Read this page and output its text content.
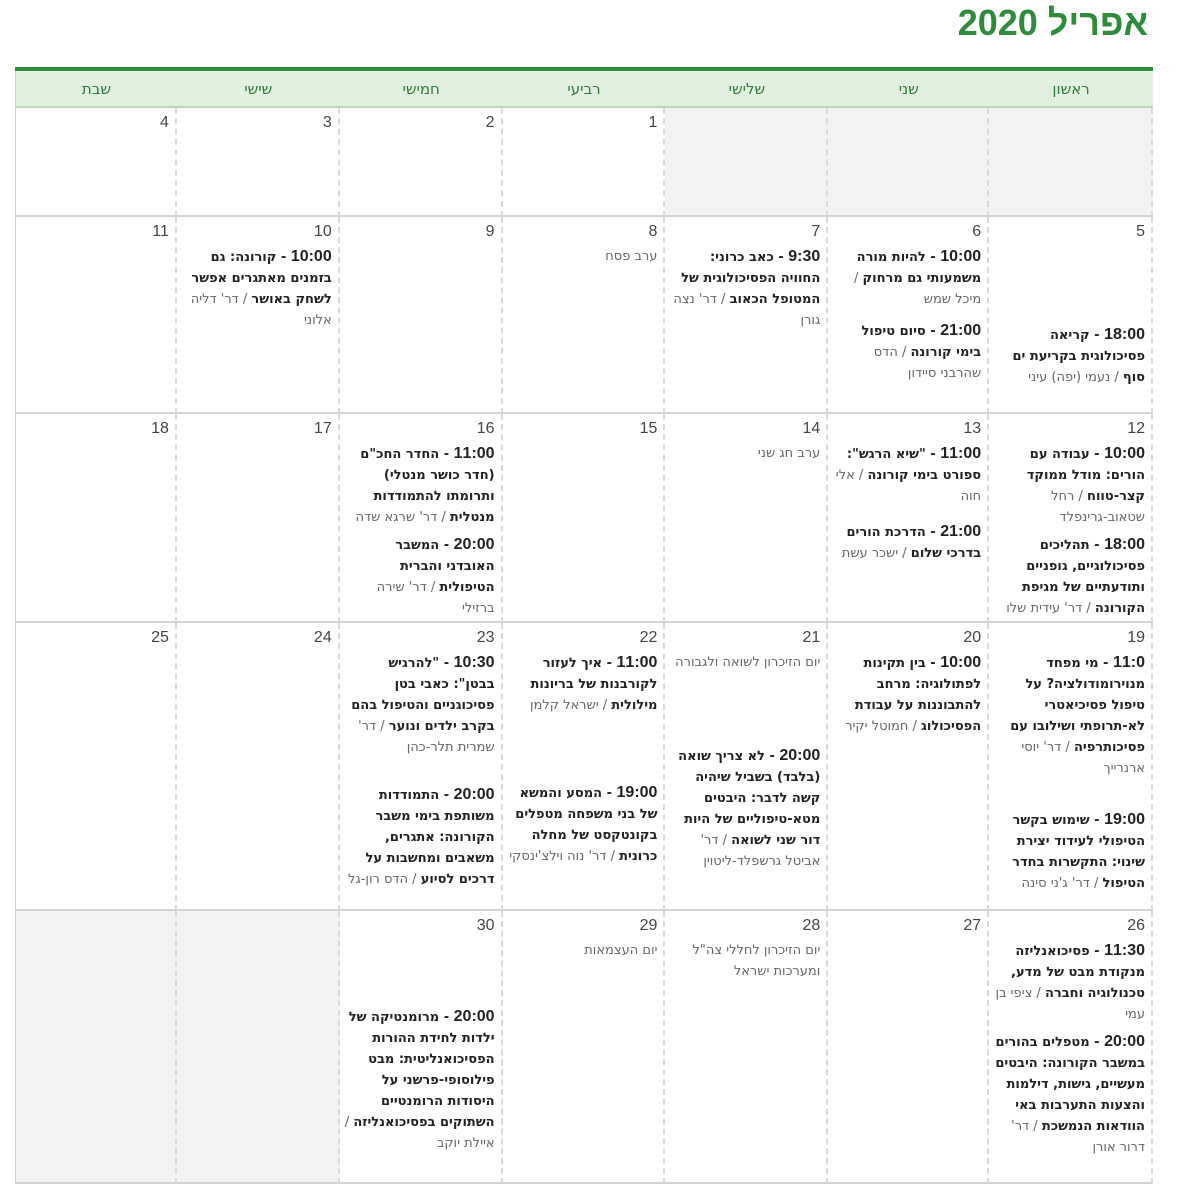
אפריל 2020
ראשון
שני
שלישי
רביעי
חמישי
שישי
שבת
1
2
3
4
5
18:00 - קריאה פסיכולוגית בקריעת ים סוף / נעמי (יפה) עיני
6
10:00 - להיות מורה משמעותי גם מרחוק / מיכל שמש
21:00 - סיום טיפול בימי קורונה / הדס שהרבני סיידון
7
9:30 - כאב כרוני: החוויה הפסיכולוגית של המטופל הכאוב / דר' נצה גורן
8
ערב פסח
9
10
10:00 - קורונה: גם בזמנים מאתגרים אפשר לשחק באושר / דר' דליה אלוני
11
12
10:00 - עבודה עם הורים: מודל ממוקד קצר-טווח / רחל שטאוב-גרינפלד
18:00 - תהליכים פסיכולוגיים, גופניים ותודעתיים של מגיפת הקורונה / דר' עידית שלו
13
11:00 - "שיא הרגש": ספורט בימי קורונה / אלי חוה
21:00 - הדרכת הורים בדרכי שלום / ישכר עשת
14
ערב חג שני
15
16
11:00 - החדר החכ"ם (חדר כושר מנטלי) ותרומתו להתמודדות מנטלית / דר' שרגא שדה
20:00 - המשבר האובדני והברית הטיפולית / דר' שירה ברזילי
17
18
19
11:0 - מי מפחד מנוירומודולציה? על טיפול פסיכיאטרי לא-תרופתי ושילובו עם פסיכותרפיה / דר' יוסי ארנרייך
19:00 - שימוש בקשר הטיפולי לעידוד יצירת שינוי: התקשרות בחדר הטיפול / דר' ג'ני סינה
20
10:00 - בין תקינות לפתולוגיה: מרחב להתבוננות על עבודת הפסיכולוג / חמוטל יקיר
21
יום הזיכרון לשואה ולגבורה
20:00 - לא צריך שואה (בלבד) בשביל שיהיה קשה לדבר: היבטים מטא-טיפוליים של היות דור שני לשואה / דר' אביטל גרשפלד-ליטוין
22
11:00 - איך לעזור לקורבנות של בריונות מילולית / ישראל קלמן
19:00 - המסע והמשא של בני משפחה מטפלים בקונטקסט של מחלה כרונית / דר' נוה וילצ'ינסקי
23
10:30 - "להרגיש בבטן": כאבי בטן פסיכוגניים והטיפול בהם בקרב ילדים ונוער / דר' שמרית תלר-כהן
20:00 - התמודדות משותפת בימי משבר הקורונה: אתגרים, משאבים ומחשבות על דרכים לסיוע / הדס רון-גל
24
25
26
11:30 - פסיכואנליזה מנקודת מבט של מדע, טכנולוגיה וחברה / ציפי בן עמי
20:00 - מטפלים בהורים במשבר הקורונה: היבטים מעשיים, גישות, דילמות והצעות התערבות באי הוודאות הנמשכת / דר' דרור אורן
27
28
יום הזיכרון לחללי צה"ל ומערכות ישראל
29
יום העצמאות
30
20:00 - מרומנטיקה של ילדות לחידת ההורות הפסיכואנליטית: מבט פילוסופי-פרשני על היסודות הרומנטיים השתוקים בפסיכואנליזה / איילת יוקב
